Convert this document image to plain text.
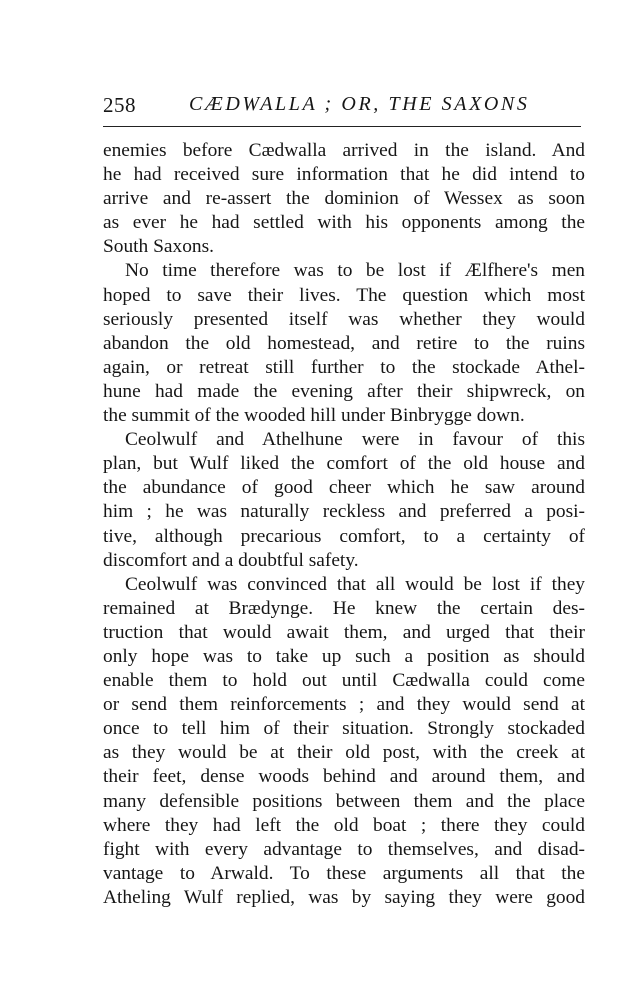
258	CÆDWALLA ; OR, THE SAXONS
enemies before Cædwalla arrived in the island. And
he had received sure information that he did intend to
arrive and re-assert the dominion of Wessex as soon
as ever he had settled with his opponents among the
South Saxons.
No time therefore was to be lost if Ælfhere's men
hoped to save their lives. The question which most
seriously presented itself was whether they would
abandon the old homestead, and retire to the ruins
again, or retreat still further to the stockade Athel-
hune had made the evening after their shipwreck, on
the summit of the wooded hill under Binbrygge down.
Ceolwulf and Athelhune were in favour of this
plan, but Wulf liked the comfort of the old house and
the abundance of good cheer which he saw around
him ; he was naturally reckless and preferred a posi-
tive, although precarious comfort, to a certainty of
discomfort and a doubtful safety.
Ceolwulf was convinced that all would be lost if they
remained at Brædynge. He knew the certain des-
truction that would await them, and urged that their
only hope was to take up such a position as should
enable them to hold out until Cædwalla could come
or send them reinforcements ; and they would send at
once to tell him of their situation. Strongly stockaded
as they would be at their old post, with the creek at
their feet, dense woods behind and around them, and
many defensible positions between them and the place
where they had left the old boat ; there they could
fight with every advantage to themselves, and disad-
vantage to Arwald. To these arguments all that the
Atheling Wulf replied, was by saying they were good
